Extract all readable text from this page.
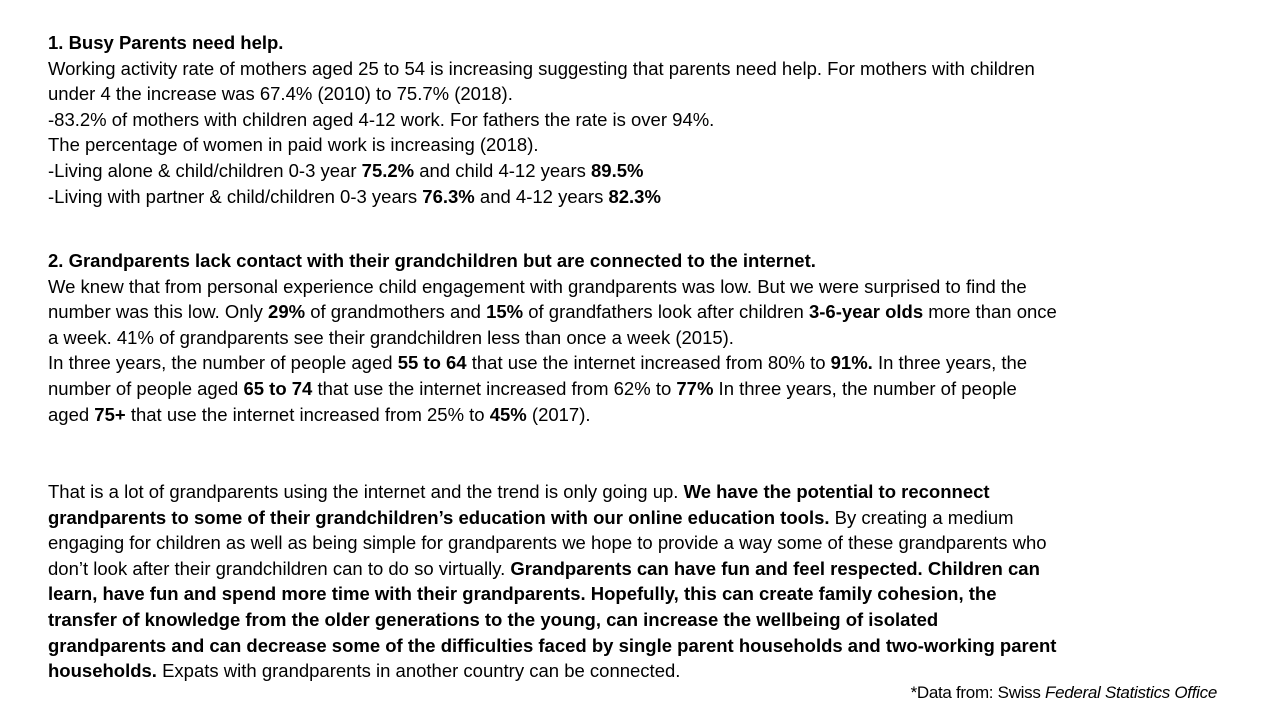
1. Busy Parents need help.
Working activity rate of mothers aged 25 to 54 is increasing suggesting that parents need help. For mothers with children
under 4 the increase was 67.4% (2010) to 75.7% (2018).
-83.2% of mothers with children aged 4-12 work. For fathers the rate is over 94%.
The percentage of women in paid work is increasing (2018).
-Living alone & child/children 0-3 year 75.2% and child 4-12 years 89.5%
-Living with partner & child/children 0-3 years 76.3% and 4-12 years 82.3%
2. Grandparents lack contact with their grandchildren but are connected to the internet.
We knew that from personal experience child engagement with grandparents was low. But we were surprised to find the
number was this low. Only 29% of grandmothers and 15% of grandfathers look after children 3-6-year olds more than once
a week. 41% of grandparents see their grandchildren less than once a week (2015).
In three years, the number of people aged 55 to 64 that use the internet increased from 80% to 91%. In three years, the
number of people aged 65 to 74 that use the internet increased from 62% to 77% In three years, the number of people
aged 75+ that use the internet increased from 25% to 45% (2017).
That is a lot of grandparents using the internet and the trend is only going up. We have the potential to reconnect
grandparents to some of their grandchildren’s education with our online education tools. By creating a medium
engaging for children as well as being simple for grandparents we hope to provide a way some of these grandparents who
don’t look after their grandchildren can to do so virtually. Grandparents can have fun and feel respected. Children can
learn, have fun and spend more time with their grandparents. Hopefully, this can create family cohesion, the
transfer of knowledge from the older generations to the young, can increase the wellbeing of isolated
grandparents and can decrease some of the difficulties faced by single parent households and two-working parent
households. Expats with grandparents in another country can be connected.
*Data from: Swiss Federal Statistics Office
